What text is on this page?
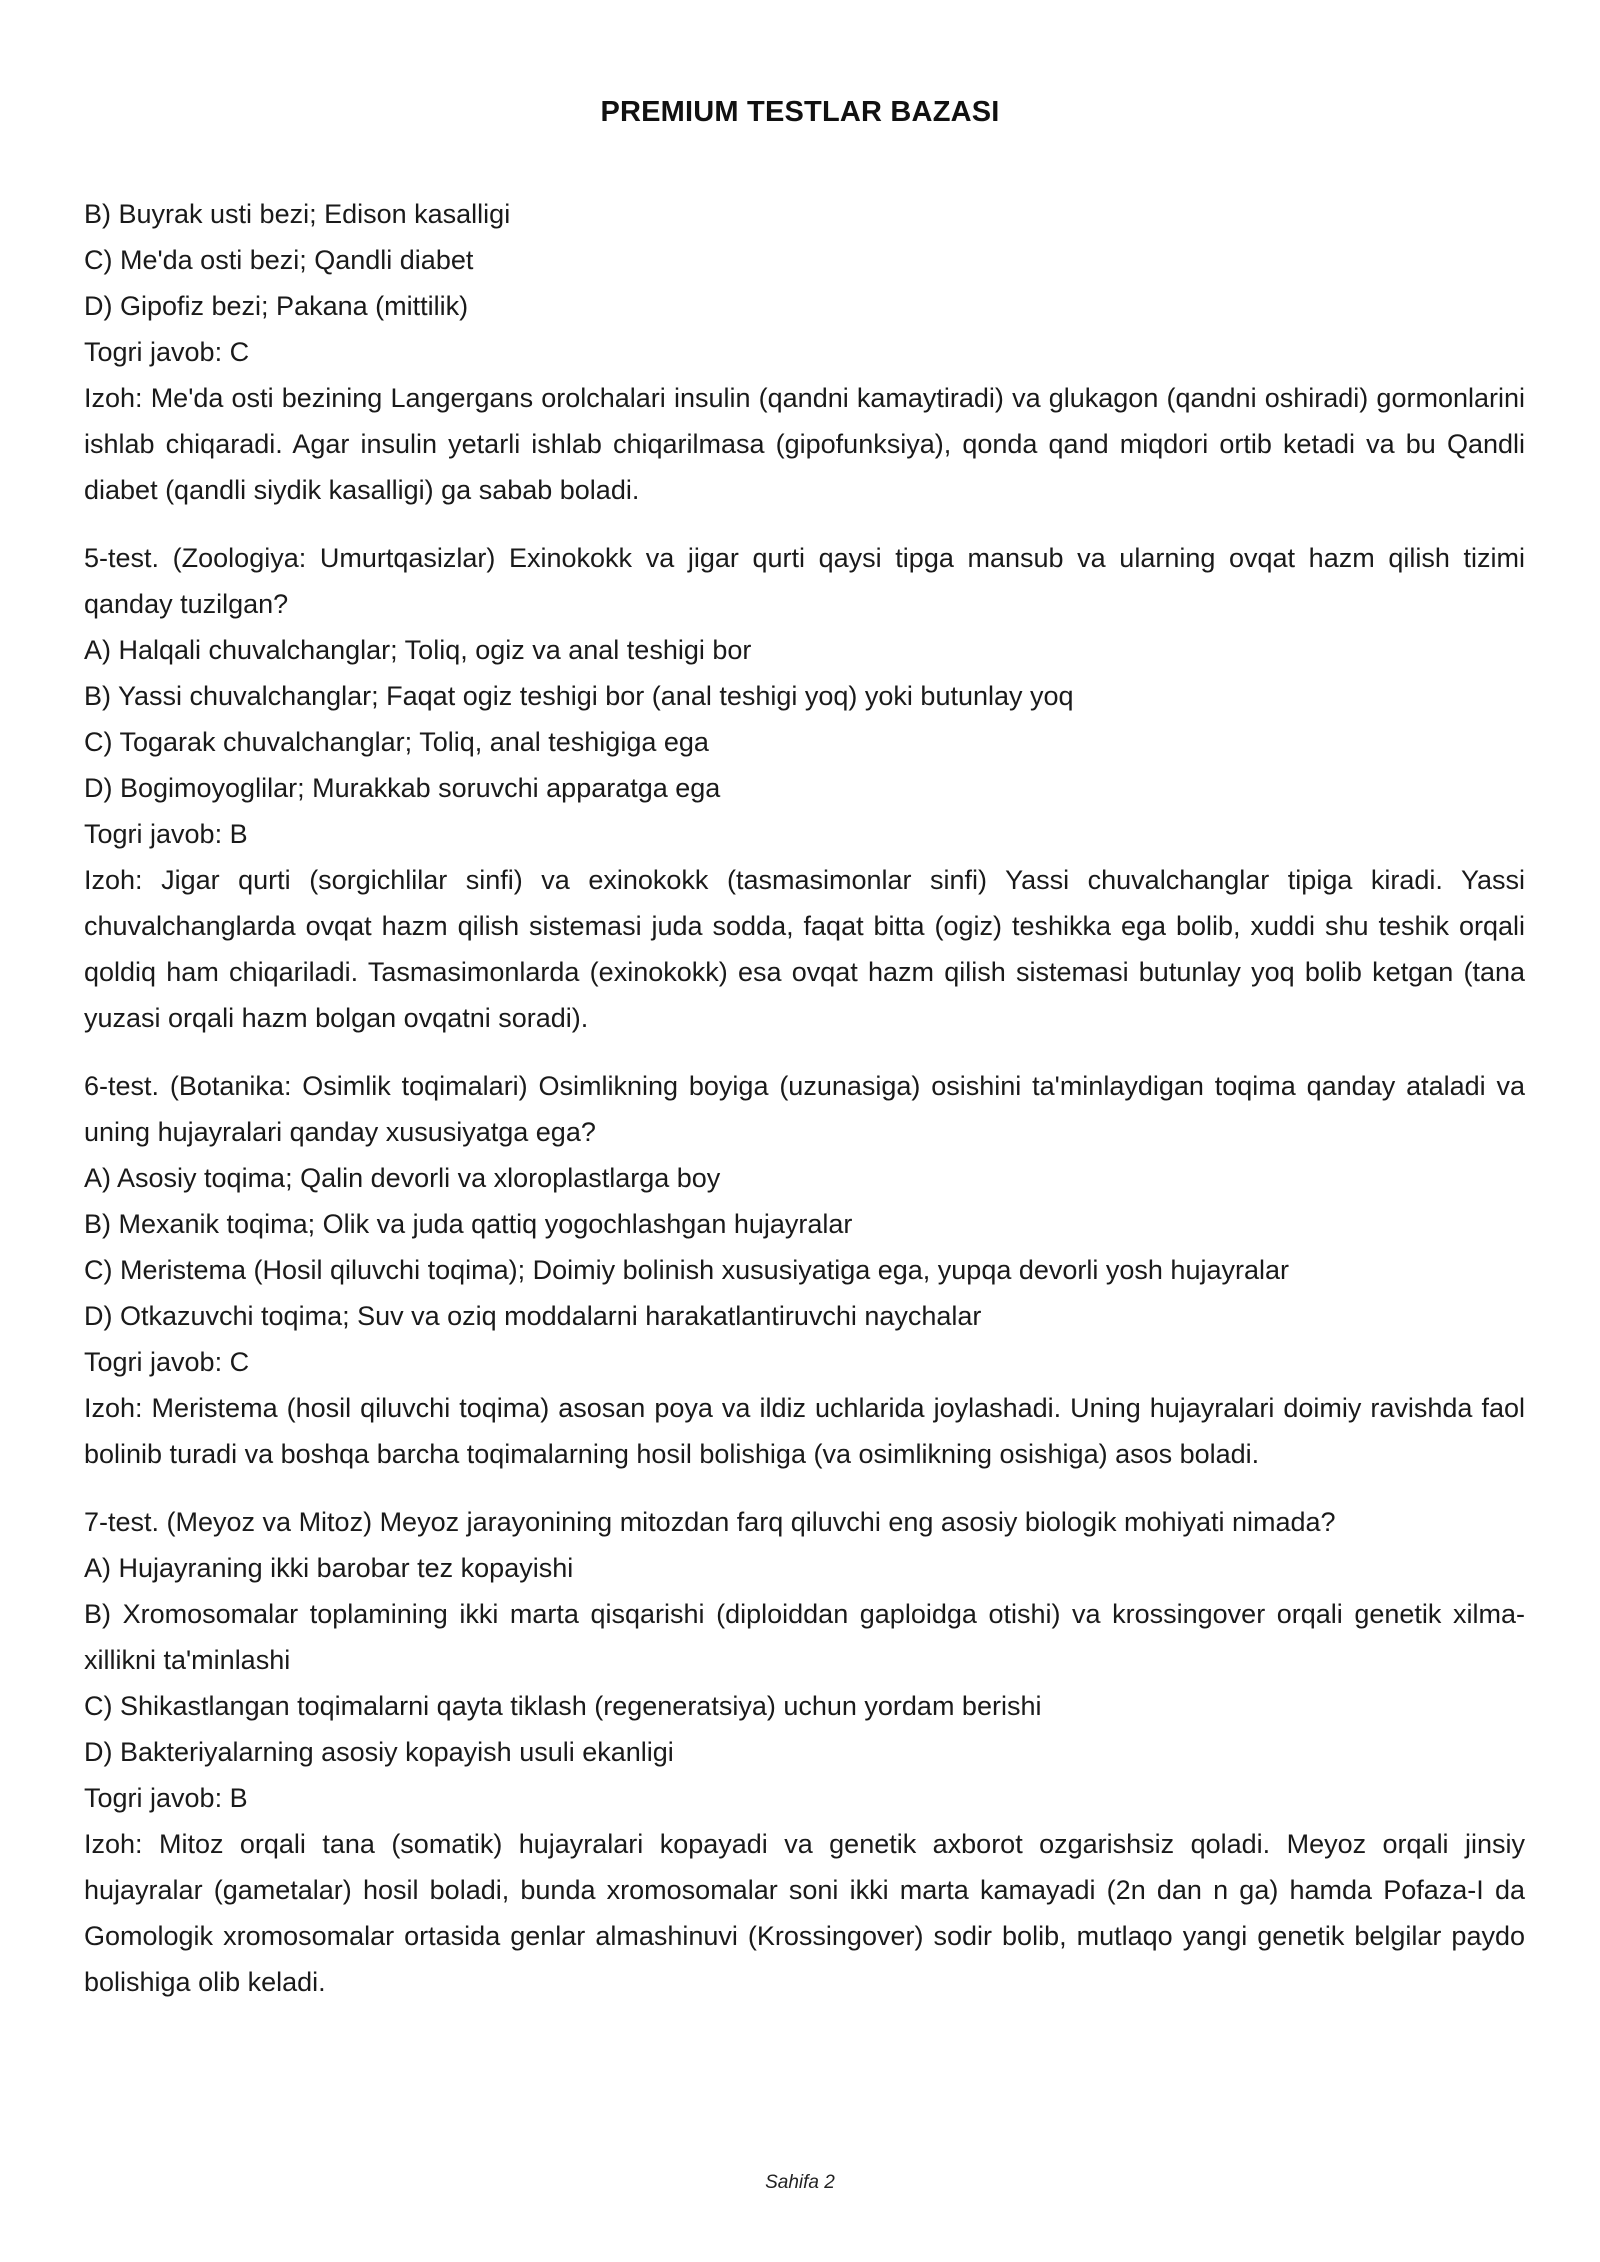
PREMIUM TESTLAR BAZASI

B) Buyrak usti bezi; Edison kasalligi

C) Me'da osti bezi; Qandli diabet

D) Gipofiz bezi; Pakana (mittilik)

Togri javob: C

Izoh: Me'da osti bezining Langergans orolchalari insulin (qandni kamaytiradi) va glukagon (qandni oshiradi) gormonlarini ishlab chiqaradi. Agar insulin yetarli ishlab chiqarilmasa (gipofunksiya), qonda qand miqdori ortib ketadi va bu Qandli diabet (qandli siydik kasalligi) ga sabab boladi.

5-test. (Zoologiya: Umurtqasizlar) Exinokokk va jigar qurti qaysi tipga mansub va ularning ovqat hazm qilish tizimi qanday tuzilgan?

A) Halqali chuvalchanglar; Toliq, ogiz va anal teshigi bor

B) Yassi chuvalchanglar; Faqat ogiz teshigi bor (anal teshigi yoq) yoki butunlay yoq

C) Togarak chuvalchanglar; Toliq, anal teshigiga ega

D) Bogimoyoglilar; Murakkab soruvchi apparatga ega

Togri javob: B

Izoh: Jigar qurti (sorgichlilar sinfi) va exinokokk (tasmasimonlar sinfi) Yassi chuvalchanglar tipiga kiradi. Yassi chuvalchanglarda ovqat hazm qilish sistemasi juda sodda, faqat bitta (ogiz) teshikka ega bolib, xuddi shu teshik orqali qoldiq ham chiqariladi. Tasmasimonlarda (exinokokk) esa ovqat hazm qilish sistemasi butunlay yoq bolib ketgan (tana yuzasi orqali hazm bolgan ovqatni soradi).

6-test. (Botanika: Osimlik toqimalari) Osimlikning boyiga (uzunasiga) osishini ta'minlaydigan toqima qanday ataladi va uning hujayralari qanday xususiyatga ega?

A) Asosiy toqima; Qalin devorli va xloroplastlarga boy

B) Mexanik toqima; Olik va juda qattiq yogochlashgan hujayralar

C) Meristema (Hosil qiluvchi toqima); Doimiy bolinish xususiyatiga ega, yupqa devorli yosh hujayralar

D) Otkazuvchi toqima; Suv va oziq moddalarni harakatlantiruvchi naychalar

Togri javob: C

Izoh: Meristema (hosil qiluvchi toqima) asosan poya va ildiz uchlarida joylashadi. Uning hujayralari doimiy ravishda faol bolinib turadi va boshqa barcha toqimalarning hosil bolishiga (va osimlikning osishiga) asos boladi.

7-test. (Meyoz va Mitoz) Meyoz jarayonining mitozdan farq qiluvchi eng asosiy biologik mohiyati nimada?

A) Hujayraning ikki barobar tez kopayishi

B) Xromosomalar toplamining ikki marta qisqarishi (diploiddan gaploidga otishi) va krossingover orqali genetik xilma-xillikni ta'minlashi

C) Shikastlangan toqimalarni qayta tiklash (regeneratsiya) uchun yordam berishi

D) Bakteriyalarning asosiy kopayish usuli ekanligi

Togri javob: B

Izoh: Mitoz orqali tana (somatik) hujayralari kopayadi va genetik axborot ozgarishsiz qoladi. Meyoz orqali jinsiy hujayralar (gametalar) hosil boladi, bunda xromosomalar soni ikki marta kamayadi (2n dan n ga) hamda Pofaza-I da Gomologik xromosomalar ortasida genlar almashinuvi (Krossingover) sodir bolib, mutlaqo yangi genetik belgilar paydo bolishiga olib keladi.

Sahifa 2
